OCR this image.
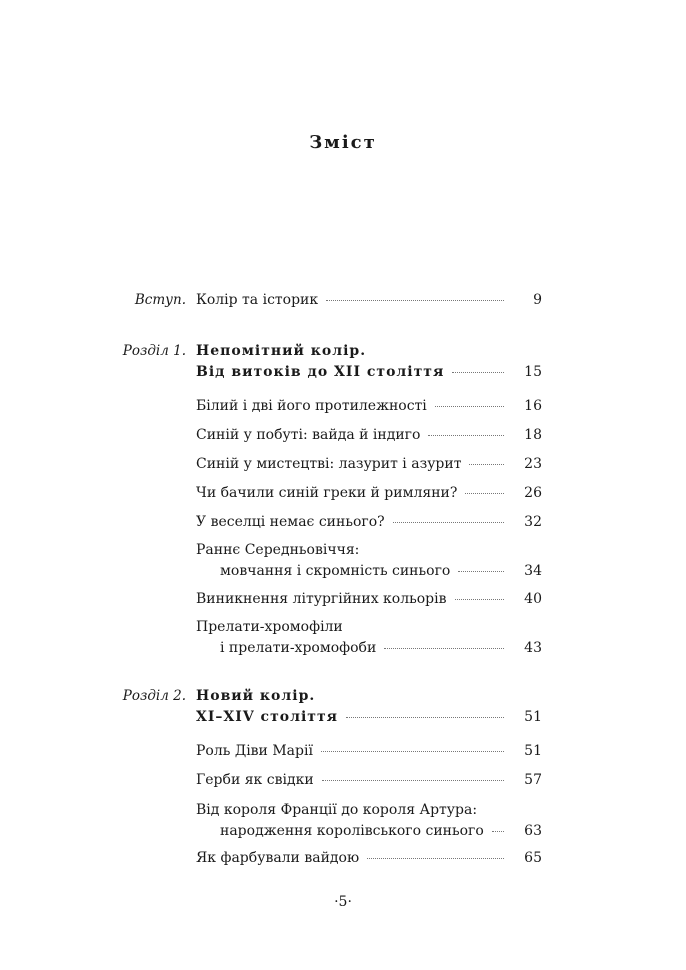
Зміст
Вступ. Колір та історик	9
Розділ 1. Непомітний колір.
Від витоків до XII століття	15
Білий і дві його протилежності	16
Синій у побуті: вайда й індиго	18
Синій у мистецтві: лазурит і азурит	23
Чи бачили синій греки й римляни?	26
У веселці немає синього?	32
Раннє Середньовіччя:
мовчання і скромність синього	34
Виникнення літургійних кольорів	40
Прелати-хромофіли
і прелати-хромофоби	43
Розділ 2. Новий колір.
XI–XIV століття	51
Роль Діви Марії	51
Герби як свідки	57
Від короля Франції до короля Артура:
народження королівського синього	63
Як фарбували вайдою	65
·5·
